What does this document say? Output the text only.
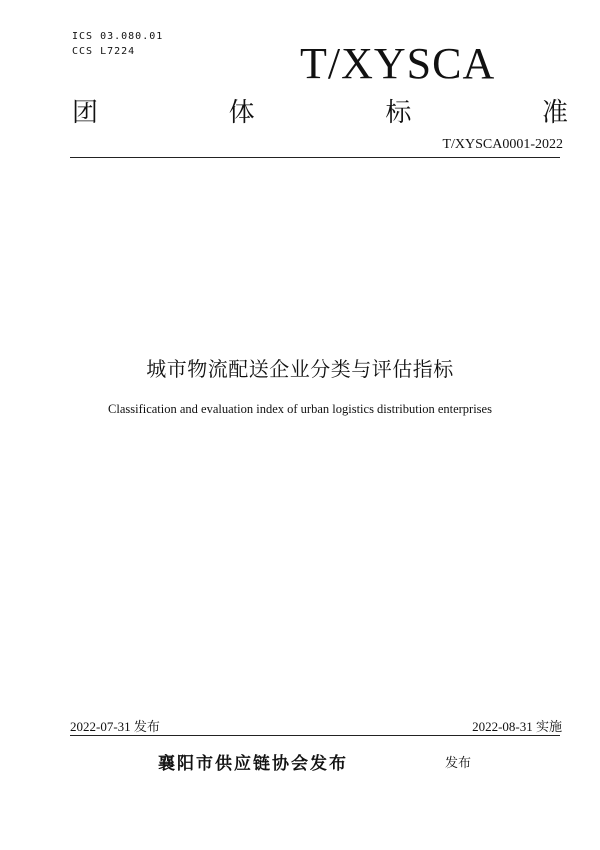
ICS 03.080.01
CCS L7224	T/XYSCA
团	体	标	准
T/XYSCA0001-2022
城市物流配送企业分类与评估指标
Classification and evaluation index of urban logistics distribution enterprises
2022-07-31 发布	2022-08-31 实施
襄阳市供应链协会发布	发布
